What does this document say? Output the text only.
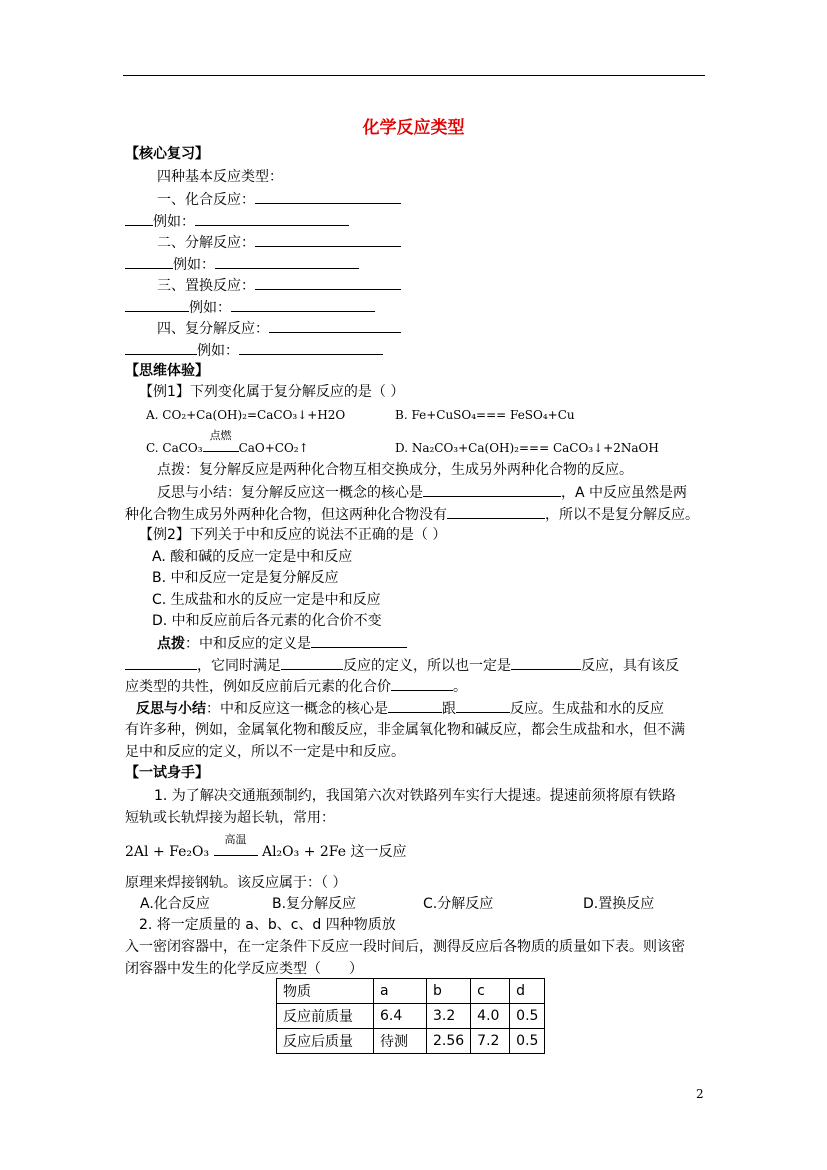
化学反应类型
【核心复习】
四种基本反应类型：
一、化合反应：
例如：
二、分解反应：
例如：
三、置换反应：
例如：
四、复分解反应：
例如：
【思维体验】
【例1】下列变化属于复分解反应的是（ ）
A. CO₂+Ca(OH)₂=CaCO₃↓+H2O	B. Fe+CuSO₄=== FeSO₄+Cu
C. CaCO₃
点燃
CaO+CO₂↑	D. Na₂CO₃+Ca(OH)₂=== CaCO₃↓+2NaOH
点拨：复分解反应是两种化合物互相交换成分，生成另外两种化合物的反应。
反思与小结：复分解反应这一概念的核心是	，A 中反应虽然是两
种化合物生成另外两种化合物，但这两种化合物没有	，所以不是复分解反应。
【例2】下列关于中和反应的说法不正确的是（ ）
A. 酸和碱的反应一定是中和反应
B. 中和反应一定是复分解反应
C. 生成盐和水的反应一定是中和反应
D. 中和反应前后各元素的化合价不变
点拨：中和反应的定义是
，它同时满足	反应的定义，所以也一定是	反应，具有该反
应类型的共性，例如反应前后元素的化合价	。
反思与小结：中和反应这一概念的核心是	跟	反应。生成盐和水的反应
有许多种，例如，金属氧化物和酸反应，非金属氧化物和碱反应，都会生成盐和水，但不满
足中和反应的定义，所以不一定是中和反应。
【一试身手】
1. 为了解决交通瓶颈制约，我国第六次对铁路列车实行大提速。提速前须将原有铁路
短轨或长轨焊接为超长轨，常用：
2Al + Fe₂O₃
高温
Al₂O₃ + 2Fe 这一反应
原理来焊接钢轨。该反应属于：（ ）
A.化合反应	B.复分解反应	C.分解反应	D.置换反应
2. 将一定质量的 a、b、c、d 四种物质放
入一密闭容器中，在一定条件下反应一段时间后，测得反应后各物质的质量如下表。则该密
闭容器中发生的化学反应类型（　　）
物质	a	b	c	d
反应前质量	6.4	3.2	4.0	0.5
反应后质量	待测	2.56	7.2	0.5
2
